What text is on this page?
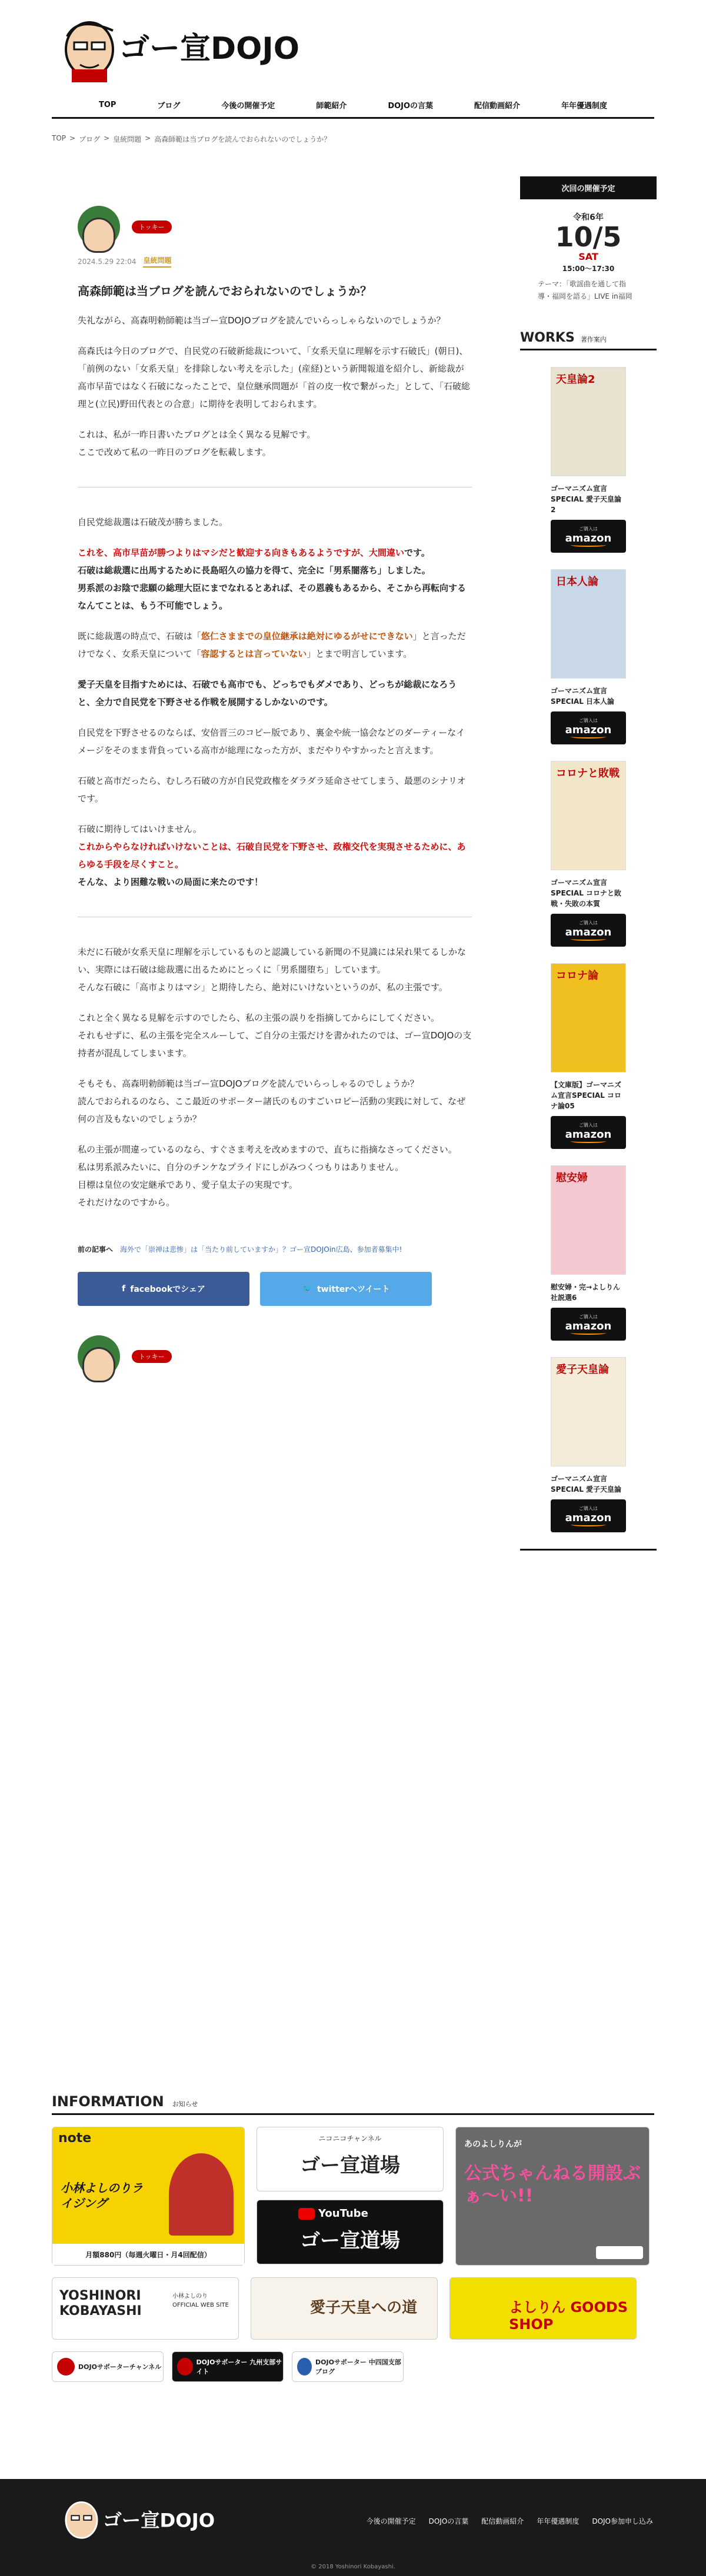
ゴー宣DOJO
TOP	ブログ	今後の開催予定	師範紹介	DOJOの言葉	配信動画紹介	年年優遇制度
TOP > ブログ > 皇統問題 > 高森師範は当ブログを読んでおられないのでしょうか？
トッキー
2024.5.29 22:04 皇統問題
高森師範は当ブログを読んでおられないのでしょうか？

失礼ながら、高森明勅師範は当ゴー宣DOJOブログを読んでいらっしゃらないのでしょうか？

高森氏は今日のブログで、自民党の石破新総裁について、「女系天皇に理解を示す石破氏」(朝日)、「前例のない「女系天皇」を排除しない考えを示した」(産経)という新聞報道を紹介し、新総裁が高市早苗ではなく石破になったことで、皇位継承問題が「首の皮一枚で繋がった」として、「石破総理と(立民)野田代表との合意」に期待を表明しておられます。

これは、私が一昨日書いたブログとは全く異なる見解です。
ここで改めて私の一昨日のブログを転載します。

自民党総裁選は石破茂が勝ちました。

これを、高市早苗が勝つよりはマシだと歓迎する向きもあるようですが、大間違いです。
石破は総裁選に出馬するために長島昭久の協力を得て、完全に「男系闇落ち」しました。
男系派のお陰で悲願の総理大臣にまでなれるとあれば、その恩義もあるから、そこから再転向するなんてことは、もう不可能でしょう。

既に総裁選の時点で、石破は「悠仁さままでの皇位継承は絶対にゆるがせにできない」と言っただけでなく、女系天皇について「容認するとは言っていない」とまで明言しています。

愛子天皇を目指すためには、石破でも高市でも、どっちでもダメであり、どっちが総裁になろうと、全力で自民党を下野させる作戦を展開するしかないのです。

自民党を下野させるのならば、安倍晋三のコピー版であり、裏金や統一協会などのダーティーなイメージをそのまま背負っている高市が総理になった方が、まだやりやすかったと言えます。

石破と高市だったら、むしろ石破の方が自民党政権をダラダラ延命させてしまう、最悪のシナリオです。

石破に期待してはいけません。
これからやらなければいけないことは、石破自民党を下野させ、政権交代を実現させるために、あらゆる手段を尽くすこと。
そんな、より困難な戦いの局面に来たのです！

未だに石破が女系天皇に理解を示しているものと認識している新聞の不見識には呆れ果てるしかない、実際には石破は総裁選に出るためにとっくに「男系闇堕ち」しています。
そんな石破に「高市よりはマシ」と期待したら、絶対にいけないというのが、私の主張です。

これと全く異なる見解を示すのでしたら、私の主張の誤りを指摘してからにしてください。
それもせずに、私の主張を完全スルーして、ご自分の主張だけを書かれたのでは、ゴー宣DOJOの支持者が混乱してしまいます。

そもそも、高森明勅師範は当ゴー宣DOJOブログを読んでいらっしゃるのでしょうか？
読んでおられるのなら、ここ最近のサポーター諸氏のものすごいロビー活動の実践に対して、なぜ何の言及もないのでしょうか？

私の主張が間違っているのなら、すぐさま考えを改めますので、直ちに指摘なさってください。
私は男系派みたいに、自分のチンケなプライドにしがみつくつもりはありません。
目標は皇位の安定継承であり、愛子皇太子の実現です。
それだけなのですから。

前の記事へ 海外で「崇禅は悲惨」は「当たり前していますか」？ゴー宣DOJOin広島、参加者募集中!
f facebookでシェア	🐦 twitterへツイート
トッキー
次回の開催予定
令和6年
10/5
SAT
15:00〜17:30
テーマ：「歌謡曲を通して指導・福岡を語る」LIVE in福岡
WORKS 著作案内
天皇論2
ゴーマニズム宣言SPECIAL 愛子天皇論2
ご購入は
amazon
日本人論
ゴーマニズム宣言SPECIAL 日本人論
ご購入は
amazon
コロナと敗戦
ゴーマニズム宣言SPECIAL コロナと敗戦・失敗の本質
ご購入は
amazon
コロナ論
【文庫版】ゴーマニズム宣言SPECIAL コロナ論05
ご購入は
amazon
慰安婦
慰安婦・完→よしりん社説選6
ご購入は
amazon
愛子天皇論
ゴーマニズム宣言SPECIAL 愛子天皇論
ご購入は
amazon
INFORMATION お知らせ
note
小林よしのりライジング
月額880円（毎週火曜日・月4回配信）
ニコニコチャンネル
ゴー宣道場
YouTube
ゴー宣道場
あのよしりんが
公式ちゃんねる開設ぶぁ〜い!!
YOSHINORI KOBAYASHI
小林よしのり OFFICIAL WEB SITE	愛子天皇への道	よしりん GOODS SHOP
DOJOサポーターチャンネル
DOJOサポーター 九州支部サイト
DOJOサポーター 中四国支部ブログ
ゴー宣DOJO	今後の開催予定 DOJOの言葉 配信動画紹介 年年優遇制度 DOJO参加申し込み
© 2018 Yoshinori Kobayashi.
